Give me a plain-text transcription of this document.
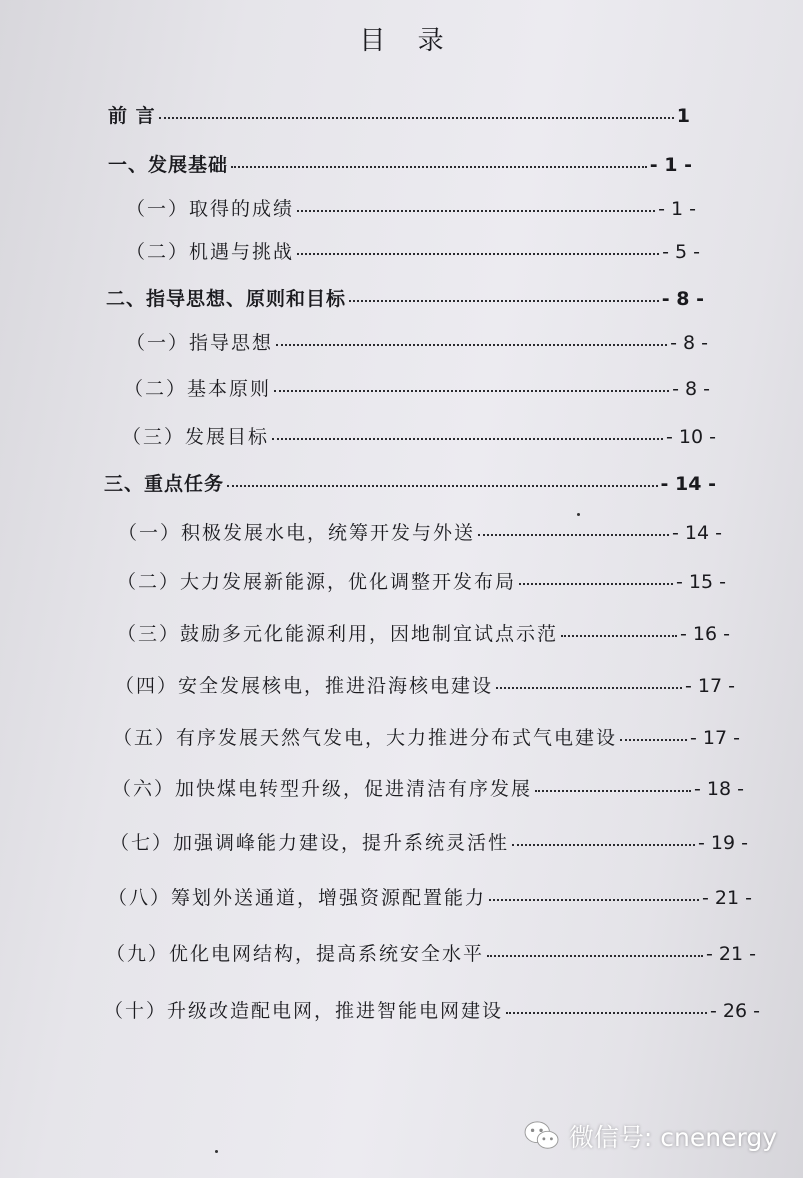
目 录
前 言	1
一、发展基础	- 1 -
（一）取得的成绩	- 1 -
（二）机遇与挑战	- 5 -
二、指导思想、原则和目标	- 8 -
（一）指导思想	- 8 -
（二）基本原则	- 8 -
（三）发展目标	- 10 -
三、重点任务	- 14 -
（一）积极发展水电，统筹开发与外送	- 14 -
（二）大力发展新能源，优化调整开发布局	- 15 -
（三）鼓励多元化能源利用，因地制宜试点示范	- 16 -
（四）安全发展核电，推进沿海核电建设	- 17 -
（五）有序发展天然气发电，大力推进分布式气电建设	- 17 -
（六）加快煤电转型升级，促进清洁有序发展	- 18 -
（七）加强调峰能力建设，提升系统灵活性	- 19 -
（八）筹划外送通道，增强资源配置能力	- 21 -
（九）优化电网结构，提高系统安全水平	- 21 -
（十）升级改造配电网，推进智能电网建设	- 26 -
微信号: cnenergy
